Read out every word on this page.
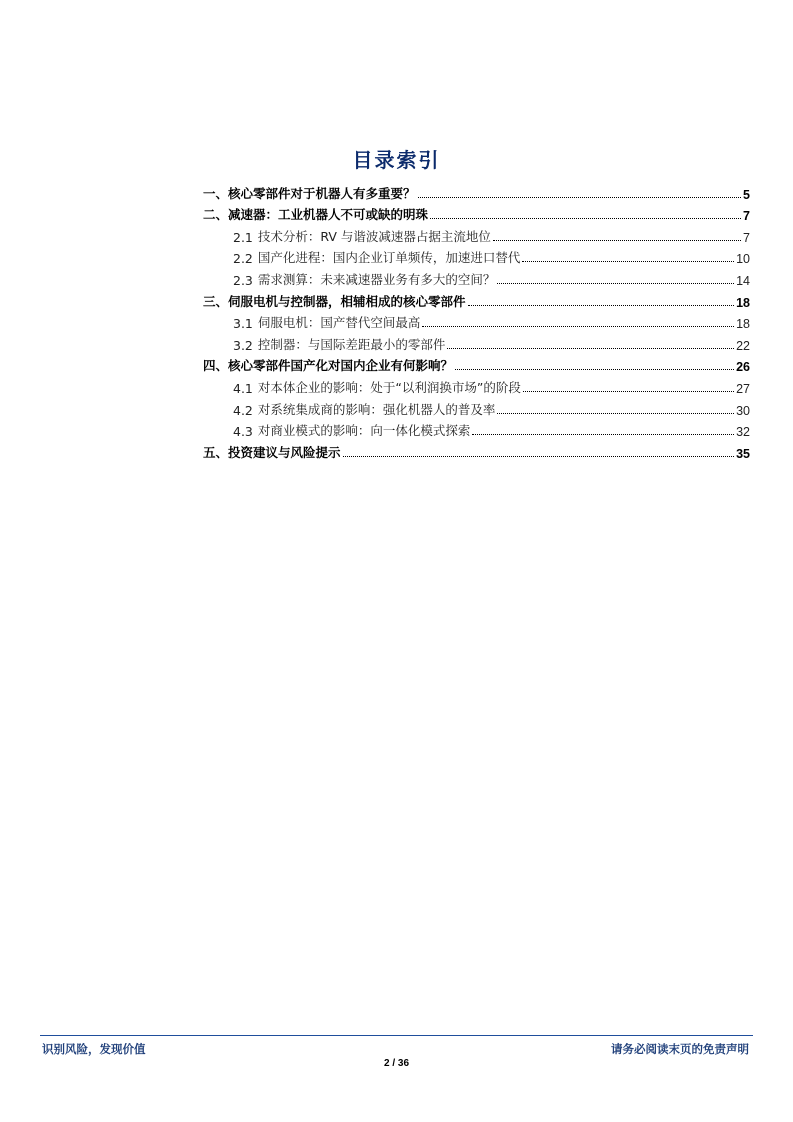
目录索引
一、核心零部件对于机器人有多重要？	5
二、减速器：工业机器人不可或缺的明珠	7
2.1 技术分析：RV 与谐波减速器占据主流地位	7
2.2 国产化进程：国内企业订单频传，加速进口替代	10
2.3 需求测算：未来减速器业务有多大的空间？	14
三、伺服电机与控制器，相辅相成的核心零部件	18
3.1 伺服电机：国产替代空间最高	18
3.2 控制器：与国际差距最小的零部件	22
四、核心零部件国产化对国内企业有何影响？	26
4.1 对本体企业的影响：处于“以利润换市场”的阶段	27
4.2 对系统集成商的影响：强化机器人的普及率	30
4.3 对商业模式的影响：向一体化模式探索	32
五、投资建议与风险提示	35
识别风险，发现价值	请务必阅读末页的免责声明
2 / 36
